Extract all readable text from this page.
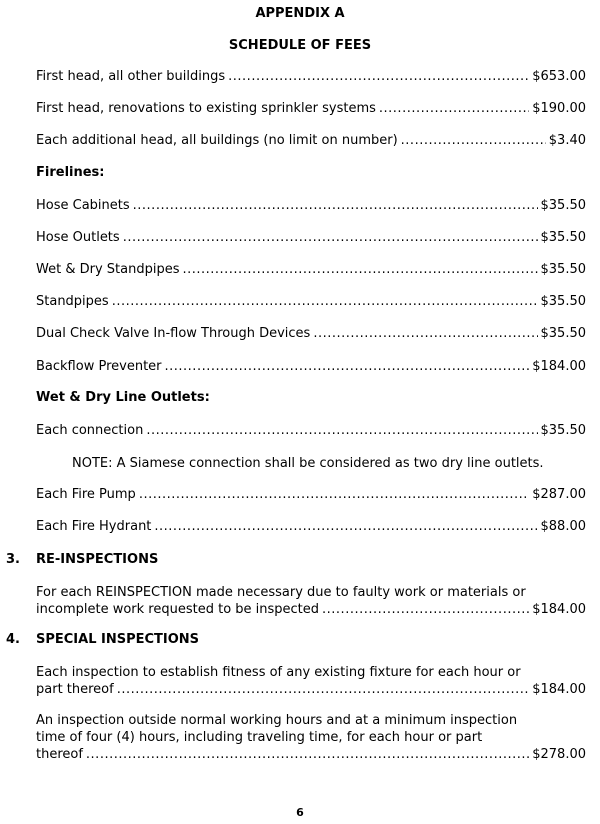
APPENDIX A
SCHEDULE OF FEES
First head, all other buildings .....	$653.00
First head, renovations to existing sprinkler systems .....	$190.00
Each additional head, all buildings (no limit on number) .....	$3.40
Firelines:
Hose Cabinets .....	$35.50
Hose Outlets .....	$35.50
Wet & Dry Standpipes .....	$35.50
Standpipes .....	$35.50
Dual Check Valve In-flow Through Devices .....	$35.50
Backflow Preventer .....	$184.00
Wet & Dry Line Outlets:
Each connection .....	$35.50
NOTE: A Siamese connection shall be considered as two dry line outlets.
Each Fire Pump .....	$287.00
Each Fire Hydrant .....	$88.00
3. RE-INSPECTIONS
For each REINSPECTION made necessary due to faulty work or materials or
incomplete work requested to be inspected .....	$184.00
4. SPECIAL INSPECTIONS
Each inspection to establish fitness of any existing fixture for each hour or
part thereof .....	$184.00
An inspection outside normal working hours and at a minimum inspection
time of four (4) hours, including traveling time, for each hour or part
thereof .....	$278.00
6
